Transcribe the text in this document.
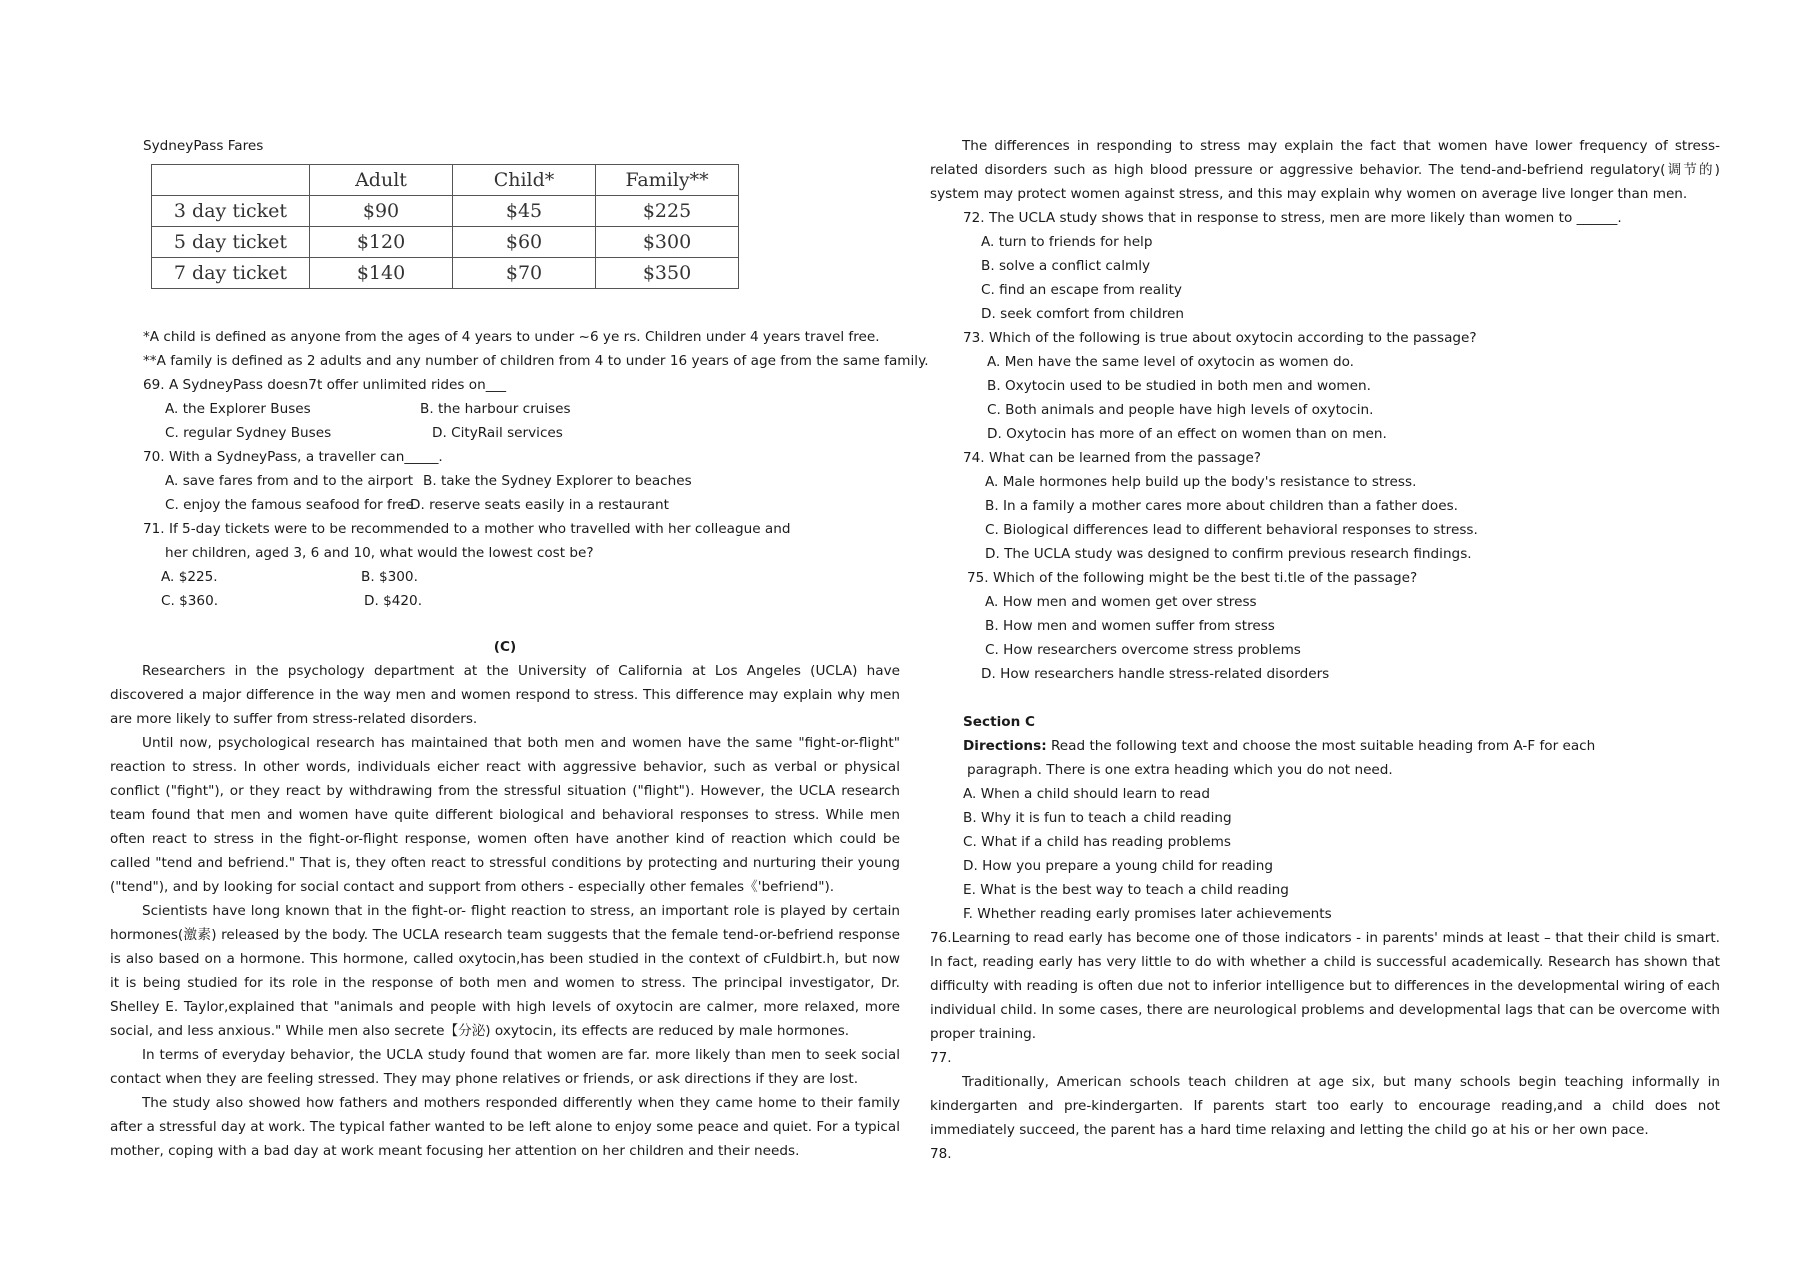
SydneyPass Fares

	Adult	Child*	Family**
3 day ticket	$90	$45	$225
5 day ticket	$120	$60	$300
7 day ticket	$140	$70	$350

*A child is defined as anyone from the ages of 4 years to under ~6 ye rs. Children under 4 years travel free.

**A family is defined as 2 adults and any number of children from 4 to under 16 years of age from the same family.

69. A SydneyPass doesn7t offer unlimited rides on___

A. the Explorer Buses	B. the harbour cruises
C. regular Sydney Buses	D. CityRail services

70. With a SydneyPass, a traveller can_____.

A. save fares from and to the airport B. take the Sydney Explorer to beaches
C. enjoy the famous seafood for free
D. reserve seats easily in a restaurant

71. If 5-day tickets were to be recommended to a mother who travelled with her colleague and

her children, aged 3, 6 and 10, what would the lowest cost be?

A. $225.	B. $300.
C. $360.	D. $420.

(C)

Researchers in the psychology department at the University of California at Los Angeles (UCLA) have discovered a major difference in the way men and women respond to stress. This difference may explain why men are more likely to suffer from stress-related disorders.

Until now, psychological research has maintained that both men and women have the same "fight-or-flight" reaction to stress. In other words, individuals eicher react with aggressive behavior, such as verbal or physical conflict ("fight"), or they react by withdrawing from the stressful situation ("flight"). However, the UCLA research team found that men and women have quite different biological and behavioral responses to stress. While men often react to stress in the fight-or-flight response, women often have another kind of reaction which could be called "tend and befriend." That is, they often react to stressful conditions by protecting and nurturing their young ("tend"), and by looking for social contact and support from others - especially other females《'befriend").

Scientists have long known that in the fight-or- flight reaction to stress, an important role is played by certain hormones(激素) released by the body. The UCLA research team suggests that the female tend-or-befriend response is also based on a hormone. This hormone, called oxytocin,has been studied in the context of cFuldbirt.h, but now it is being studied for its role in the response of both men and women to stress. The principal investigator, Dr. Shelley E. Taylor,explained that "animals and people with high levels of oxytocin are calmer, more relaxed, more social, and less anxious." While men also secrete【分泌) oxytocin, its effects are reduced by male hormones.

In terms of everyday behavior, the UCLA study found that women are far. more likely than men to seek social contact when they are feeling stressed. They may phone relatives or friends, or ask directions if they are lost.

The study also showed how fathers and mothers responded differently when they came home to their family after a stressful day at work. The typical father wanted to be left alone to enjoy some peace and quiet. For a typical mother, coping with a bad day at work meant focusing her attention on her children and their needs.

The differences in responding to stress may explain the fact that women have lower frequency of stress-related disorders such as high blood pressure or aggressive behavior. The tend-and-befriend regulatory(调节的) system may protect women against stress, and this may explain why women on average live longer than men.

72. The UCLA study shows that in response to stress, men are more likely than women to ______.

A. turn to friends for help

B. solve a conflict calmly

C. find an escape from reality

D. seek comfort from children

73. Which of the following is true about oxytocin according to the passage?

A. Men have the same level of oxytocin as women do.

B. Oxytocin used to be studied in both men and women.

C. Both animals and people have high levels of oxytocin.

D. Oxytocin has more of an effect on women than on men.

74. What can be learned from the passage?

A. Male hormones help build up the body's resistance to stress.

B. In a family a mother cares more about children than a father does.

C. Biological differences lead to different behavioral responses to stress.

D. The UCLA study was designed to confirm previous research findings.

75. Which of the following might be the best ti.tle of the passage?

A. How men and women get over stress

B. How men and women suffer from stress

C. How researchers overcome stress problems

D. How researchers handle stress-related disorders

Section C

Directions: Read the following text and choose the most suitable heading from A-F for each

paragraph. There is one extra heading which you do not need.

A. When a child should learn to read

B. Why it is fun to teach a child reading

C. What if a child has reading problems

D. How you prepare a young child for reading

E. What is the best way to teach a child reading

F. Whether reading early promises later achievements

76.Learning to read early has become one of those indicators - in parents' minds at least – that their child is smart. In fact, reading early has very little to do with whether a child is successful academically. Research has shown that difficulty with reading is often due not to inferior intelligence but to differences in the developmental wiring of each individual child. In some cases, there are neurological problems and developmental lags that can be overcome with proper training.

77.

Traditionally, American schools teach children at age six, but many schools begin teaching informally in kindergarten and pre-kindergarten. If parents start too early to encourage reading,and a child does not immediately succeed, the parent has a hard time relaxing and letting the child go at his or her own pace.

78.
